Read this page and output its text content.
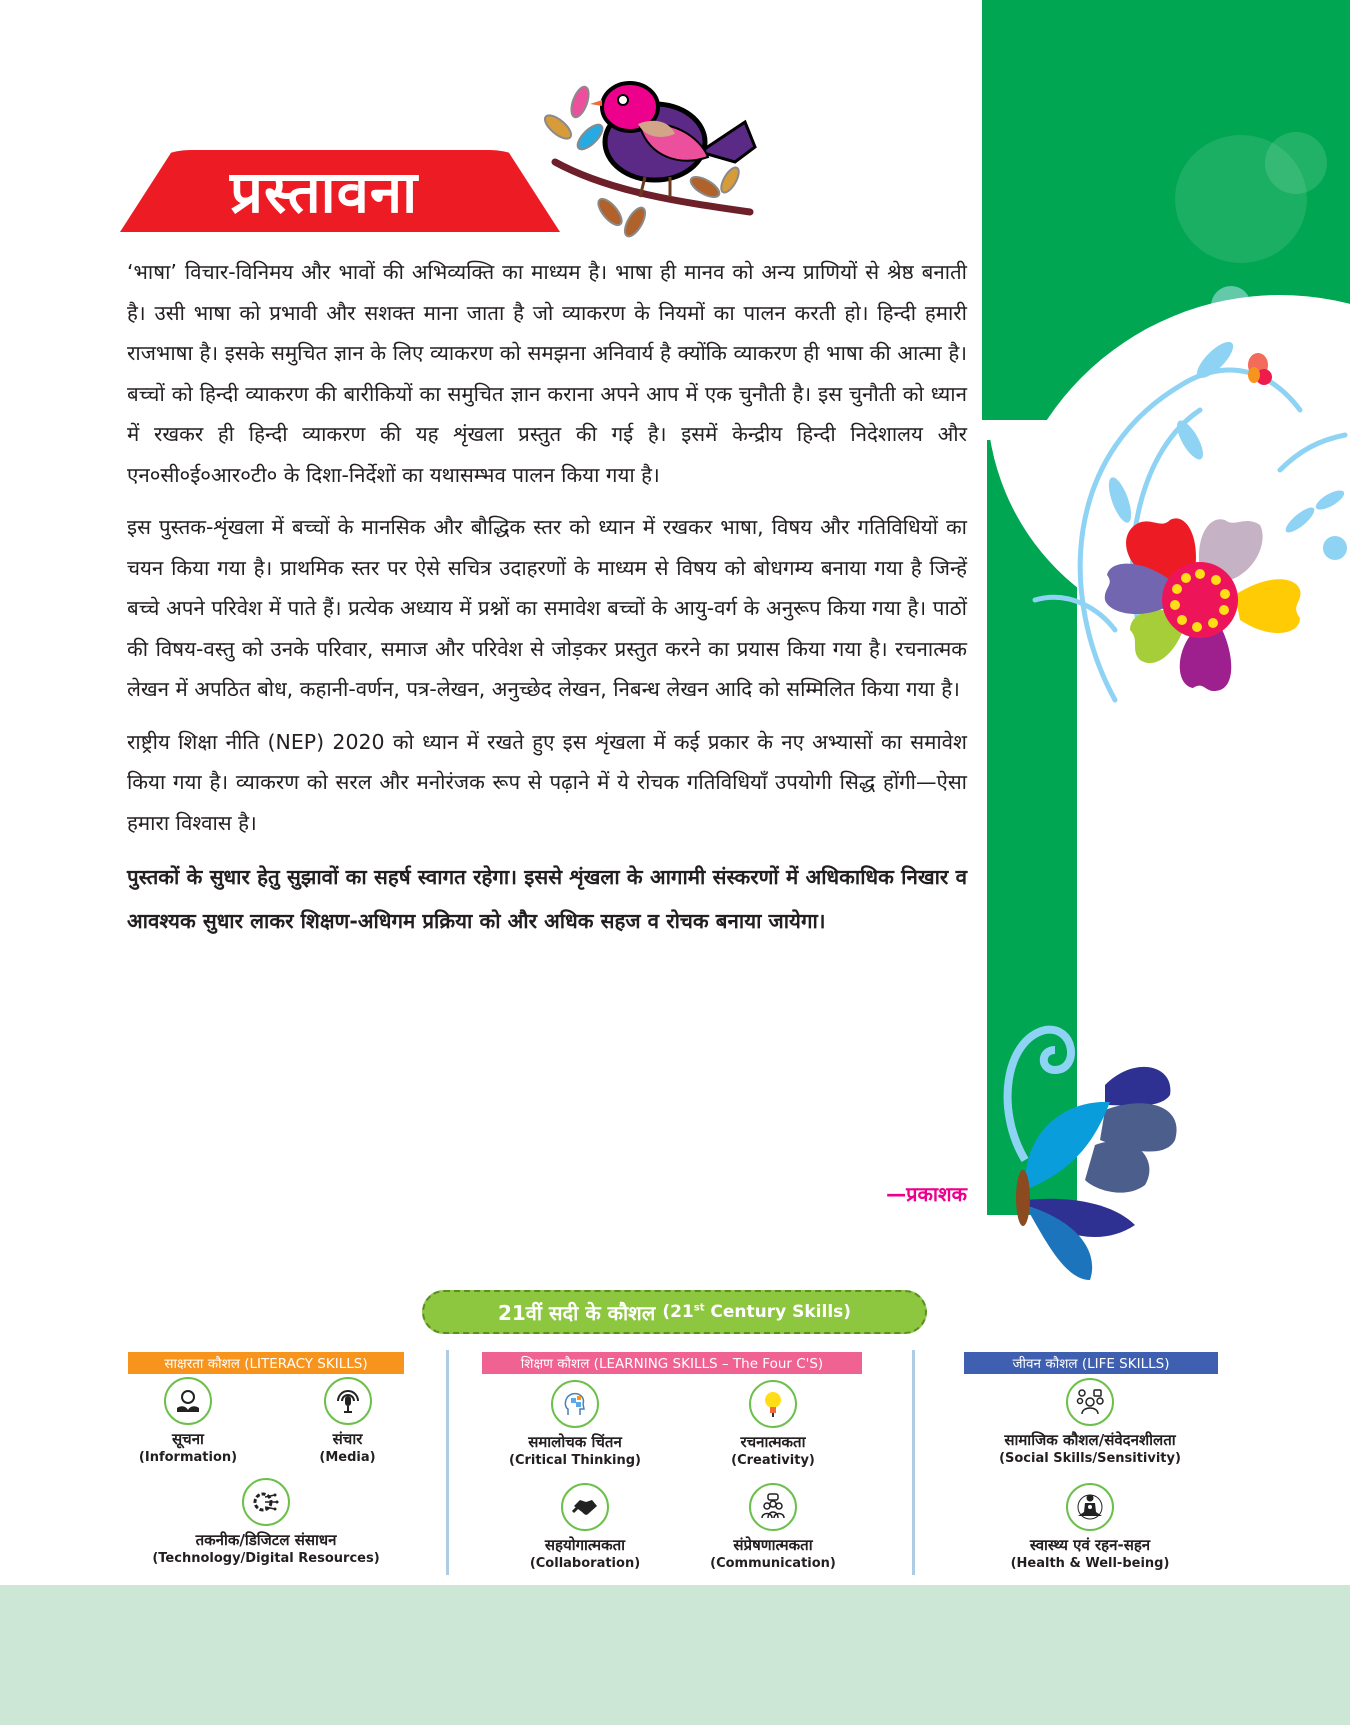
प्रस्तावना

‘भाषा’ विचार-विनिमय और भावों की अभिव्यक्ति का माध्यम है। भाषा ही मानव को अन्य प्राणियों से श्रेष्ठ बनाती है। उसी भाषा को प्रभावी और सशक्त माना जाता है जो व्याकरण के नियमों का पालन करती हो। हिन्दी हमारी राजभाषा है। इसके समुचित ज्ञान के लिए व्याकरण को समझना अनिवार्य है क्योंकि व्याकरण ही भाषा की आत्मा है। बच्चों को हिन्दी व्याकरण की बारीकियों का समुचित ज्ञान कराना अपने आप में एक चुनौती है। इस चुनौती को ध्यान में रखकर ही हिन्दी व्याकरण की यह शृंखला प्रस्तुत की गई है। इसमें केन्द्रीय हिन्दी निदेशालय और एन०सी०ई०आर०टी० के दिशा-निर्देशों का यथासम्भव पालन किया गया है।

इस पुस्तक-शृंखला में बच्चों के मानसिक और बौद्धिक स्तर को ध्यान में रखकर भाषा, विषय और गतिविधियों का चयन किया गया है। प्राथमिक स्तर पर ऐसे सचित्र उदाहरणों के माध्यम से विषय को बोधगम्य बनाया गया है जिन्हें बच्चे अपने परिवेश में पाते हैं। प्रत्येक अध्याय में प्रश्नों का समावेश बच्चों के आयु-वर्ग के अनुरूप किया गया है। पाठों की विषय-वस्तु को उनके परिवार, समाज और परिवेश से जोड़कर प्रस्तुत करने का प्रयास किया गया है। रचनात्मक लेखन में अपठित बोध, कहानी-वर्णन, पत्र-लेखन, अनुच्छेद लेखन, निबन्ध लेखन आदि को सम्मिलित किया गया है।

राष्ट्रीय शिक्षा नीति (NEP) 2020 को ध्यान में रखते हुए इस शृंखला में कई प्रकार के नए अभ्यासों का समावेश किया गया है। व्याकरण को सरल और मनोरंजक रूप से पढ़ाने में ये रोचक गतिविधियाँ उपयोगी सिद्ध होंगी—ऐसा हमारा विश्वास है।

पुस्तकों के सुधार हेतु सुझावों का सहर्ष स्वागत रहेगा। इससे शृंखला के आगामी संस्करणों में अधिकाधिक निखार व आवश्यक सुधार लाकर शिक्षण-अधिगम प्रक्रिया को और अधिक सहज व रोचक बनाया जायेगा।

—प्रकाशक
21वीं सदी के कौशल
(21st Century Skills)
साक्षरता कौशल (LITERACY SKILLS)
सूचना
(Information)
संचार
(Media)
तकनीक/डिजिटल संसाधन
(Technology/Digital Resources)
शिक्षण कौशल (LEARNING SKILLS – The Four C'S)
समालोचक चिंतन
(Critical Thinking)
रचनात्मकता
(Creativity)
सहयोगात्मकता
(Collaboration)
संप्रेषणात्मकता
(Communication)
जीवन कौशल (LIFE SKILLS)
सामाजिक कौशल/संवेदनशीलता
(Social Skills/Sensitivity)
स्वास्थ्य एवं रहन-सहन
(Health & Well-being)
